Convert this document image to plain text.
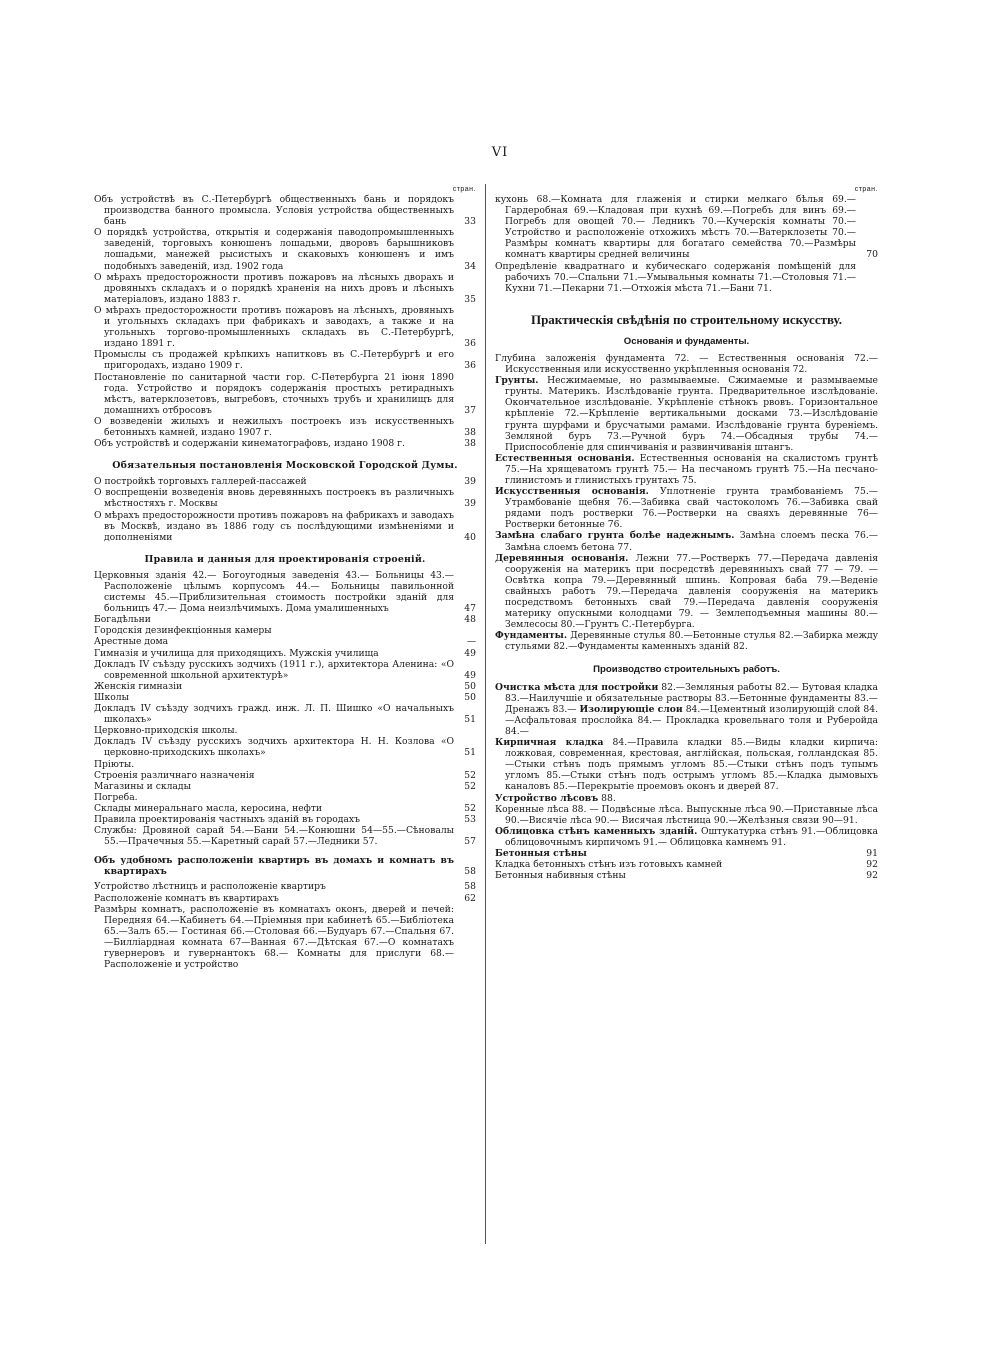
VI
стран.
Объ устройствѣ въ С.-Петербургѣ общественныхъ бань и порядокъ производства банного промысла. Условія устройства общественныхъ бань	33
О порядкѣ устройства, открытія и содержанія паводопромышленныхъ заведеній, торговыхъ конюшенъ лошадьми, дворовъ барышниковъ лошадьми, манежей рысистыхъ и скаковыхъ конюшенъ и имъ подобныхъ заведеній, изд. 1902 года	34
О мѣрахъ предосторожности противъ пожаровъ на лѣсныхъ дворахъ и дровяныхъ складахъ и о порядкѣ храненія на нихъ дровъ и лѣсныхъ матеріаловъ, издано 1883 г.	35
О мѣрахъ предосторожности противъ пожаровъ на лѣсныхъ, дровяныхъ и угольныхъ складахъ при фабрикахъ и заводахъ, а также и на угольныхъ торгово-промышленныхъ складахъ въ С.-Петербургѣ, издано 1891 г.	36
Промыслы съ продажей крѣпкихъ напитковъ въ С.-Петербургѣ и его пригородахъ, издано 1909 г.	36
Постановленіе по санитарной части гор. С-Петербурга 21 іюня 1890 года. Устройство и порядокъ содержанія простыхъ ретирадныхъ мѣстъ, ватерклозетовъ, выгребовъ, сточныхъ трубъ и хранилищъ для домашнихъ отбросовъ	37
О возведеніи жилыхъ и нежилыхъ построекъ изъ искусственныхъ бетонныхъ камней, издано 1907 г.	38
Объ устройствѣ и содержаніи кинематографовъ, издано 1908 г.	38
Обязательныя постановленія Московской Городской Думы.
О постройкѣ торговыхъ галлерей-пассажей	39
О воспрещеніи возведенія вновь деревянныхъ построекъ въ различныхъ мѣстностяхъ г. Москвы	39
О мѣрахъ предосторожности противъ пожаровъ на фабрикахъ и заводахъ въ Москвѣ, издано въ 1886 году съ послѣдующими измѣненіями и дополненіями	40
Правила и данныя для проектированія строеній.
Церковныя зданія 42.— Богоугодныя заведенія 43.— Больницы 43.—Расположеніе цѣлымъ корпусомъ 44.— Больницы павильонной системы 45.—Приблизительная стоимость постройки зданій для больницъ 47.— Дома неизлѣчимыхъ. Дома умалишенныхъ	47
Богадѣльни	48
Городскія дезинфекціонныя камеры
Арестные дома	—
Гимназія и училища для приходящихъ. Мужскія училища	49
Докладъ IV съѣзду русскихъ зодчихъ (1911 г.), архитектора Аленина: «О современной школьной архитектурѣ»	49
Женскія гимназіи	50
Школы	50
Докладъ IV съѣзду зодчихъ гражд. инж. Л. П. Шишко «О начальныхъ школахъ»	51
Церковно-приходскія школы.
Докладъ IV съѣзду русскихъ зодчихъ архитектора Н. Н. Козлова «О церковно-приходскихъ школахъ»	51
Пріюты.
Строенія различнаго назначенія	52
Магазины и склады	52
Погреба.
Склады минеральнаго масла, керосина, нефти	52
Правила проектированія частныхъ зданій въ городахъ	53
Службы: Дровяной сарай 54.—Бани 54.—Конюшни 54—55.—Сѣновалы 55.—Прачечныя 55.—Каретный сарай 57.—Ледники 57.	57
Объ удобномъ расположеніи квартиръ въ домахъ и комнатъ въ квартирахъ	58
Устройство лѣстницъ и расположеніе квартиръ	58
Расположеніе комнатъ въ квартирахъ	62
Размѣры комнатъ, расположеніе въ комнатахъ оконъ, дверей и печей: Передняя 64.—Кабинетъ 64.—Пріемныя при кабинетѣ 65.—Библіотека 65.—Залъ 65.— Гостиная 66.—Столовая 66.—Будуаръ 67.—Спальня 67.—Билліардная комната 67—Ванная 67.—Дѣтская 67.—О комнатахъ гувернеровъ и гувернантокъ 68.— Комнаты для прислуги 68.—Расположеніе и устройство
стран.
кухонь 68.—Комната для глаженія и стирки мелкаго бѣлья 69.—Гардеробная 69.—Кладовая при кухнѣ 69.—Погребъ для винъ 69.—Погребъ для овощей 70.— Ледникъ 70.—Кучерскія комнаты 70.—Устройство и расположеніе отхожихъ мѣстъ 70.—Ватерклозеты 70.—Размѣры комнатъ квартиры для богатаго семейства 70.—Размѣры комнатъ квартиры средней величины	70
Опредѣленіе квадратнаго и кубическаго содержанія помѣщеній для рабочихъ 70.—Спальни 71.—Умывальныя комнаты 71.—Столовыя 71.—Кухни 71.—Пекарни 71.—Отхожія мѣста 71.—Бани 71.
Практическія свѣдѣнія по строительному искусству.
Основанія и фундаменты.
Глубина заложенія фундамента 72. — Естественныя основанія 72.—Искусственныя или искусственно укрѣпленныя основанія 72.
Грунты. Несжимаемые, но размываемые. Сжимаемые и размываемые грунты. Материкъ. Изслѣдованіе грунта. Предварительное изслѣдованіе. Окончательное изслѣдованіе. Укрѣпленіе стѣнокъ рвовъ. Горизонтальное крѣпленіе 72.—Крѣпленіе вертикальными досками 73.—Изслѣдованіе грунта шурфами и брусчатыми рамами. Изслѣдованіе грунта буреніемъ. Земляной буръ 73.—Ручной буръ 74.—Обсадныя трубы 74.—Приспособленіе для спинчиванія и развинчиванія штангъ.
Естественныя основанія. Естественныя основанія на скалистомъ грунтѣ 75.—На хрящеватомъ грунтѣ 75.— На песчаномъ грунтѣ 75.—На песчано-глинистомъ и глинистыхъ грунтахъ 75.
Искусственныя основанія. Уплотненіе грунта трамбованіемъ 75.—Утрамбованіе щебня 76.—Забивка свай частоколомъ 76.—Забивка свай рядами подъ ростверки 76.—Ростверки на сваяхъ деревянные 76—Ростверки бетонные 76.
Замѣна слабаго грунта болѣе надежнымъ. Замѣна слоемъ песка 76.—Замѣна слоемъ бетона 77.
Деревянныя основанія. Лежни 77.—Ростверкъ 77.—Передача давленія сооруженія на материкъ при посредствѣ деревянныхъ свай 77 — 79. — Освѣтка копра 79.—Деревянный шпинь. Копровая баба 79.—Веденіе свайныхъ работъ 79.—Передача давленія сооруженія на материкъ посредствомъ бетонныхъ свай 79.—Передача давленія сооруженія материку опускными колодцами 79. — Землеподъемныя машины 80.—Землесосы 80.—Грунтъ С.-Петербурга.
Фундаменты. Деревянные стулья 80.—Бетонные стулья 82.—Забирка между стульями 82.—Фундаменты каменныхъ зданій 82.
Производство строительныхъ работъ.
Очистка мѣста для постройки 82.—Земляныя работы 82.— Бутовая кладка 83.—Наилучшіе и обязательные растворы 83.—Бетонные фундаменты 83.—Дренажъ 83.— Изолирующіе слои 84.—Цементный изолирующій слой 84.—Асфальтовая прослойка 84.— Прокладка кровельнаго толя и Руберойда 84.—
Кирпичная кладка 84.—Правила кладки 85.—Виды кладки кирпича: ложковая, современная, крестовая, англійская, польская, голландская 85.—Стыки стѣнъ подъ прямымъ угломъ 85.—Стыки стѣнъ подъ тупымъ угломъ 85.—Стыки стѣнъ подъ острымъ угломъ 85.—Кладка дымовыхъ каналовъ 85.—Перекрытіе проемовъ оконъ и дверей 87.
Устройство лѣсовъ 88.
Коренные лѣса 88. — Подвѣсные лѣса. Выпускные лѣса 90.—Приставные лѣса 90.—Висячіе лѣса 90.— Висячая лѣстница 90.—Желѣзныя связи 90—91.
Облицовка стѣнъ каменныхъ зданій. Оштукатурка стѣнъ 91.—Облицовка облицовочнымъ кирпичомъ 91.— Облицовка камнемъ 91.
Бетонныя стѣны	91
Кладка бетонныхъ стѣнъ изъ готовыхъ камней	92
Бетонныя набивныя стѣны	92
